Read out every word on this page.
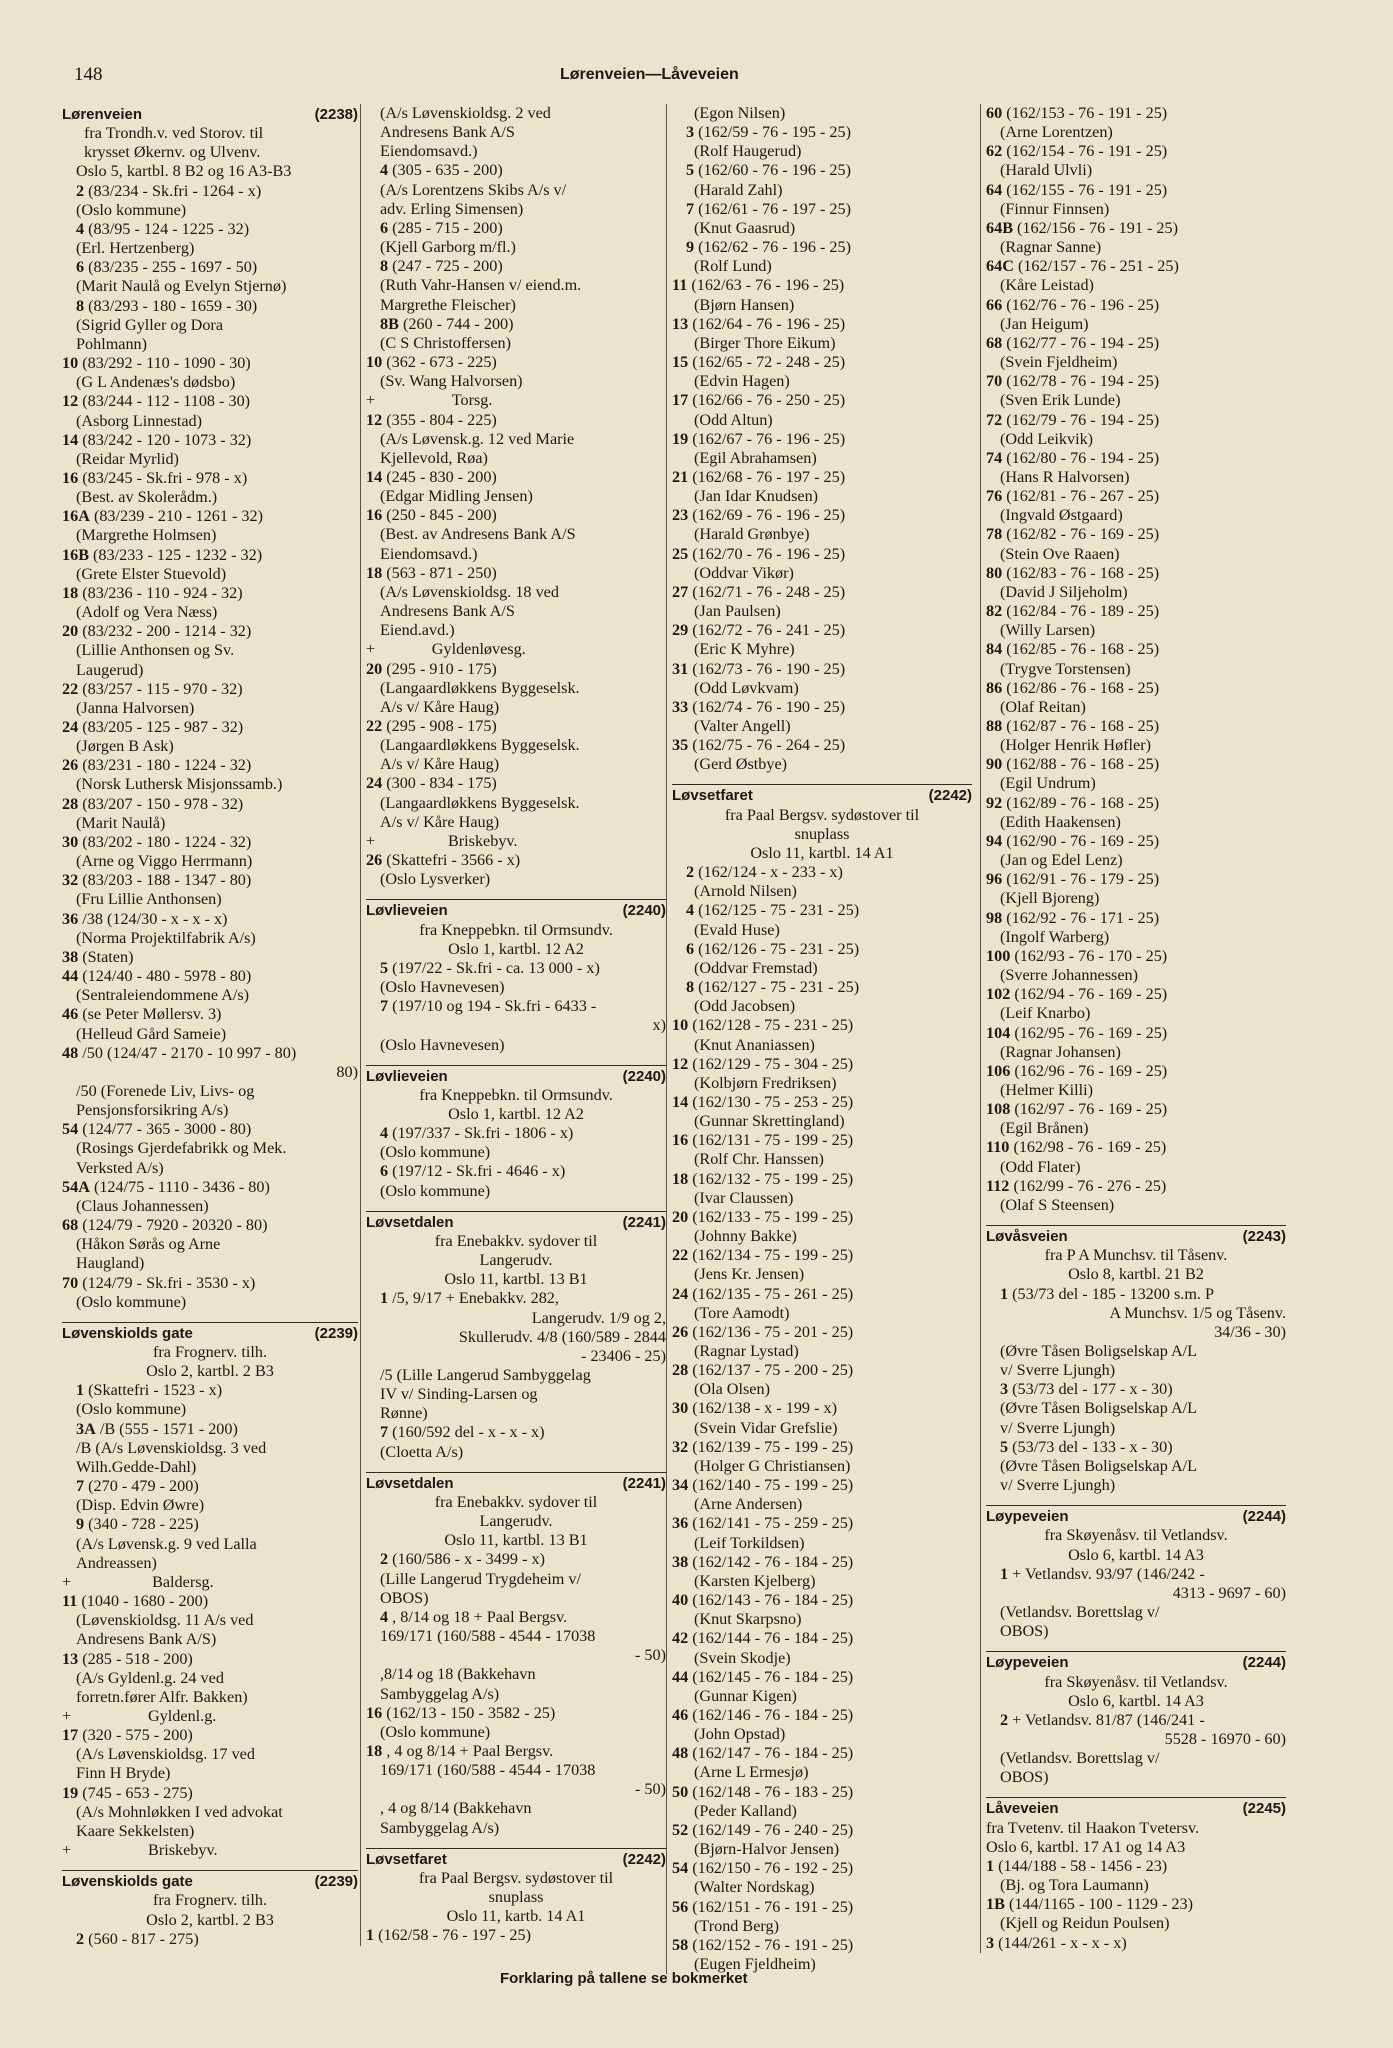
148	Lørenveien—Låveveien
Lørenveien	(2238)
fra Trondh.v. ved Storov. til
krysset Økernv. og Ulvenv.
Oslo 5, kartbl. 8 B2 og 16 A3-B3
2 (83/234 - Sk.fri - 1264 - x)
(Oslo kommune)
4 (83/95 - 124 - 1225 - 32)
(Erl. Hertzenberg)
6 (83/235 - 255 - 1697 - 50)
(Marit Naulå og Evelyn Stjernø)
8 (83/293 - 180 - 1659 - 30)
(Sigrid Gyller og Dora
Pohlmann)
10 (83/292 - 110 - 1090 - 30)
(G L Andenæs's dødsbo)
12 (83/244 - 112 - 1108 - 30)
(Asborg Linnestad)
14 (83/242 - 120 - 1073 - 32)
(Reidar Myrlid)
16 (83/245 - Sk.fri - 978 - x)
(Best. av Skolerådm.)
16A (83/239 - 210 - 1261 - 32)
(Margrethe Holmsen)
16B (83/233 - 125 - 1232 - 32)
(Grete Elster Stuevold)
18 (83/236 - 110 - 924 - 32)
(Adolf og Vera Næss)
20 (83/232 - 200 - 1214 - 32)
(Lillie Anthonsen og Sv.
Laugerud)
22 (83/257 - 115 - 970 - 32)
(Janna Halvorsen)
24 (83/205 - 125 - 987 - 32)
(Jørgen B Ask)
26 (83/231 - 180 - 1224 - 32)
(Norsk Luthersk Misjonssamb.)
28 (83/207 - 150 - 978 - 32)
(Marit Naulå)
30 (83/202 - 180 - 1224 - 32)
(Arne og Viggo Herrmann)
32 (83/203 - 188 - 1347 - 80)
(Fru Lillie Anthonsen)
36 /38 (124/30 - x - x - x)
(Norma Projektilfabrik A/s)
38 (Staten)
44 (124/40 - 480 - 5978 - 80)
(Sentraleiendommene A/s)
46 (se Peter Møllersv. 3)
(Helleud Gård Sameie)
48 /50 (124/47 - 2170 - 10 997 - 80)
80)
/50 (Forenede Liv, Livs- og
Pensjonsforsikring A/s)
54 (124/77 - 365 - 3000 - 80)
(Rosings Gjerdefabrikk og Mek.
Verksted A/s)
54A (124/75 - 1110 - 3436 - 80)
(Claus Johannessen)
68 (124/79 - 7920 - 20320 - 80)
(Håkon Sørås og Arne
Haugland)
70 (124/79 - Sk.fri - 3530 - x)
(Oslo kommune)
Løvenskiolds gate	(2239)
fra Frognerv. tilh.
Oslo 2, kartbl. 2 B3
1 (Skattefri - 1523 - x)
(Oslo kommune)
3A /B (555 - 1571 - 200)
/B (A/s Løvenskioldsg. 3 ved
Wilh.Gedde-Dahl)
7 (270 - 479 - 200)
(Disp. Edvin Øwre)
9 (340 - 728 - 225)
(A/s Løvensk.g. 9 ved Lalla
Andreassen)
+                    Baldersg.
11 (1040 - 1680 - 200)
(Løvenskioldsg. 11 A/s ved
Andresens Bank A/S)
13 (285 - 518 - 200)
(A/s Gyldenl.g. 24 ved
forretn.fører Alfr. Bakken)
+                   Gyldenl.g.
17 (320 - 575 - 200)
(A/s Løvenskioldsg. 17 ved
Finn H Bryde)
19 (745 - 653 - 275)
(A/s Mohnløkken I ved advokat
Kaare Sekkelsten)
+                   Briskebyv.
Løvenskiolds gate	(2239)
fra Frognerv. tilh.
Oslo 2, kartbl. 2 B3
2 (560 - 817 - 275)
(A/s Løvenskioldsg. 2 ved
Andresens Bank A/S
Eiendomsavd.)
4 (305 - 635 - 200)
(A/s Lorentzens Skibs A/s v/
adv. Erling Simensen)
6 (285 - 715 - 200)
(Kjell Garborg m/fl.)
8 (247 - 725 - 200)
(Ruth Vahr-Hansen v/ eiend.m.
Margrethe Fleischer)
8B (260 - 744 - 200)
(C S Christoffersen)
10 (362 - 673 - 225)
(Sv. Wang Halvorsen)
+                   Torsg.
12 (355 - 804 - 225)
(A/s Løvensk.g. 12 ved Marie
Kjellevold, Røa)
14 (245 - 830 - 200)
(Edgar Midling Jensen)
16 (250 - 845 - 200)
(Best. av Andresens Bank A/S
Eiendomsavd.)
18 (563 - 871 - 250)
(A/s Løvenskioldsg. 18 ved
Andresens Bank A/S
Eiend.avd.)
+              Gyldenløvesg.
20 (295 - 910 - 175)
(Langaardløkkens Byggeselsk.
A/s v/ Kåre Haug)
22 (295 - 908 - 175)
(Langaardløkkens Byggeselsk.
A/s v/ Kåre Haug)
24 (300 - 834 - 175)
(Langaardløkkens Byggeselsk.
A/s v/ Kåre Haug)
+                  Briskebyv.
26 (Skattefri - 3566 - x)
(Oslo Lysverker)
Løvlieveien	(2240)
fra Kneppebkn. til Ormsundv.
Oslo 1, kartbl. 12 A2
5 (197/22 - Sk.fri - ca. 13 000 - x)
(Oslo Havnevesen)
7 (197/10 og 194 - Sk.fri - 6433 -
x)
(Oslo Havnevesen)
Løvlieveien	(2240)
fra Kneppebkn. til Ormsundv.
Oslo 1, kartbl. 12 A2
4 (197/337 - Sk.fri - 1806 - x)
(Oslo kommune)
6 (197/12 - Sk.fri - 4646 - x)
(Oslo kommune)
Løvsetdalen	(2241)
fra Enebakkv. sydover til
Langerudv.
Oslo 11, kartbl. 13 B1
1 /5, 9/17 + Enebakkv. 282,
Langerudv. 1/9 og 2,
Skullerudv. 4/8 (160/589 - 2844
- 23406 - 25)
/5 (Lille Langerud Sambyggelag
IV v/ Sinding-Larsen og
Rønne)
7 (160/592 del - x - x - x)
(Cloetta A/s)
Løvsetdalen	(2241)
fra Enebakkv. sydover til
Langerudv.
Oslo 11, kartbl. 13 B1
2 (160/586 - x - 3499 - x)
(Lille Langerud Trygdeheim v/
OBOS)
4 , 8/14 og 18 + Paal Bergsv.
169/171 (160/588 - 4544 - 17038
- 50)
,8/14 og 18 (Bakkehavn
Sambyggelag A/s)
16 (162/13 - 150 - 3582 - 25)
(Oslo kommune)
18 , 4 og 8/14 + Paal Bergsv.
169/171 (160/588 - 4544 - 17038
- 50)
, 4 og 8/14 (Bakkehavn
Sambyggelag A/s)
Løvsetfaret	(2242)
fra Paal Bergsv. sydøstover til
snuplass
Oslo 11, kartb. 14 A1
1 (162/58 - 76 - 197 - 25)
(Egon Nilsen)
3 (162/59 - 76 - 195 - 25)
(Rolf Haugerud)
5 (162/60 - 76 - 196 - 25)
(Harald Zahl)
7 (162/61 - 76 - 197 - 25)
(Knut Gaasrud)
9 (162/62 - 76 - 196 - 25)
(Rolf Lund)
11 (162/63 - 76 - 196 - 25)
(Bjørn Hansen)
13 (162/64 - 76 - 196 - 25)
(Birger Thore Eikum)
15 (162/65 - 72 - 248 - 25)
(Edvin Hagen)
17 (162/66 - 76 - 250 - 25)
(Odd Altun)
19 (162/67 - 76 - 196 - 25)
(Egil Abrahamsen)
21 (162/68 - 76 - 197 - 25)
(Jan Idar Knudsen)
23 (162/69 - 76 - 196 - 25)
(Harald Grønbye)
25 (162/70 - 76 - 196 - 25)
(Oddvar Vikør)
27 (162/71 - 76 - 248 - 25)
(Jan Paulsen)
29 (162/72 - 76 - 241 - 25)
(Eric K Myhre)
31 (162/73 - 76 - 190 - 25)
(Odd Løvkvam)
33 (162/74 - 76 - 190 - 25)
(Valter Angell)
35 (162/75 - 76 - 264 - 25)
(Gerd Østbye)
Løvsetfaret	(2242)
fra Paal Bergsv. sydøstover til
snuplass
Oslo 11, kartbl. 14 A1
2 (162/124 - x - 233 - x)
(Arnold Nilsen)
4 (162/125 - 75 - 231 - 25)
(Evald Huse)
6 (162/126 - 75 - 231 - 25)
(Oddvar Fremstad)
8 (162/127 - 75 - 231 - 25)
(Odd Jacobsen)
10 (162/128 - 75 - 231 - 25)
(Knut Ananiassen)
12 (162/129 - 75 - 304 - 25)
(Kolbjørn Fredriksen)
14 (162/130 - 75 - 253 - 25)
(Gunnar Skrettingland)
16 (162/131 - 75 - 199 - 25)
(Rolf Chr. Hanssen)
18 (162/132 - 75 - 199 - 25)
(Ivar Claussen)
20 (162/133 - 75 - 199 - 25)
(Johnny Bakke)
22 (162/134 - 75 - 199 - 25)
(Jens Kr. Jensen)
24 (162/135 - 75 - 261 - 25)
(Tore Aamodt)
26 (162/136 - 75 - 201 - 25)
(Ragnar Lystad)
28 (162/137 - 75 - 200 - 25)
(Ola Olsen)
30 (162/138 - x - 199 - x)
(Svein Vidar Grefslie)
32 (162/139 - 75 - 199 - 25)
(Holger G Christiansen)
34 (162/140 - 75 - 199 - 25)
(Arne Andersen)
36 (162/141 - 75 - 259 - 25)
(Leif Torkildsen)
38 (162/142 - 76 - 184 - 25)
(Karsten Kjelberg)
40 (162/143 - 76 - 184 - 25)
(Knut Skarpsno)
42 (162/144 - 76 - 184 - 25)
(Svein Skodje)
44 (162/145 - 76 - 184 - 25)
(Gunnar Kigen)
46 (162/146 - 76 - 184 - 25)
(John Opstad)
48 (162/147 - 76 - 184 - 25)
(Arne L Ermesjø)
50 (162/148 - 76 - 183 - 25)
(Peder Kalland)
52 (162/149 - 76 - 240 - 25)
(Bjørn-Halvor Jensen)
54 (162/150 - 76 - 192 - 25)
(Walter Nordskag)
56 (162/151 - 76 - 191 - 25)
(Trond Berg)
58 (162/152 - 76 - 191 - 25)
(Eugen Fjeldheim)
60 (162/153 - 76 - 191 - 25)
(Arne Lorentzen)
62 (162/154 - 76 - 191 - 25)
(Harald Ulvli)
64 (162/155 - 76 - 191 - 25)
(Finnur Finnsen)
64B (162/156 - 76 - 191 - 25)
(Ragnar Sanne)
64C (162/157 - 76 - 251 - 25)
(Kåre Leistad)
66 (162/76 - 76 - 196 - 25)
(Jan Heigum)
68 (162/77 - 76 - 194 - 25)
(Svein Fjeldheim)
70 (162/78 - 76 - 194 - 25)
(Sven Erik Lunde)
72 (162/79 - 76 - 194 - 25)
(Odd Leikvik)
74 (162/80 - 76 - 194 - 25)
(Hans R Halvorsen)
76 (162/81 - 76 - 267 - 25)
(Ingvald Østgaard)
78 (162/82 - 76 - 169 - 25)
(Stein Ove Raaen)
80 (162/83 - 76 - 168 - 25)
(David J Siljeholm)
82 (162/84 - 76 - 189 - 25)
(Willy Larsen)
84 (162/85 - 76 - 168 - 25)
(Trygve Torstensen)
86 (162/86 - 76 - 168 - 25)
(Olaf Reitan)
88 (162/87 - 76 - 168 - 25)
(Holger Henrik Høfler)
90 (162/88 - 76 - 168 - 25)
(Egil Undrum)
92 (162/89 - 76 - 168 - 25)
(Edith Haakensen)
94 (162/90 - 76 - 169 - 25)
(Jan og Edel Lenz)
96 (162/91 - 76 - 179 - 25)
(Kjell Bjoreng)
98 (162/92 - 76 - 171 - 25)
(Ingolf Warberg)
100 (162/93 - 76 - 170 - 25)
(Sverre Johannessen)
102 (162/94 - 76 - 169 - 25)
(Leif Knarbo)
104 (162/95 - 76 - 169 - 25)
(Ragnar Johansen)
106 (162/96 - 76 - 169 - 25)
(Helmer Killi)
108 (162/97 - 76 - 169 - 25)
(Egil Brånen)
110 (162/98 - 76 - 169 - 25)
(Odd Flater)
112 (162/99 - 76 - 276 - 25)
(Olaf S Steensen)
Løvåsveien	(2243)
fra P A Munchsv. til Tåsenv.
Oslo 8, kartbl. 21 B2
1 (53/73 del - 185 - 13200 s.m. P
A Munchsv. 1/5 og Tåsenv.
34/36 - 30)
(Øvre Tåsen Boligselskap A/L
v/ Sverre Ljungh)
3 (53/73 del - 177 - x - 30)
(Øvre Tåsen Boligselskap A/L
v/ Sverre Ljungh)
5 (53/73 del - 133 - x - 30)
(Øvre Tåsen Boligselskap A/L
v/ Sverre Ljungh)
Løypeveien	(2244)
fra Skøyenåsv. til Vetlandsv.
Oslo 6, kartbl. 14 A3
1 + Vetlandsv. 93/97 (146/242 -
4313 - 9697 - 60)
(Vetlandsv. Borettslag v/
OBOS)
Løypeveien	(2244)
fra Skøyenåsv. til Vetlandsv.
Oslo 6, kartbl. 14 A3
2 + Vetlandsv. 81/87 (146/241 -
5528 - 16970 - 60)
(Vetlandsv. Borettslag v/
OBOS)
Låveveien	(2245)
fra Tvetenv. til Haakon Tvetersv.
Oslo 6, kartbl. 17 A1 og 14 A3
1 (144/188 - 58 - 1456 - 23)
(Bj. og Tora Laumann)
1B (144/1165 - 100 - 1129 - 23)
(Kjell og Reidun Poulsen)
3 (144/261 - x - x - x)
Forklaring på tallene se bokmerket
